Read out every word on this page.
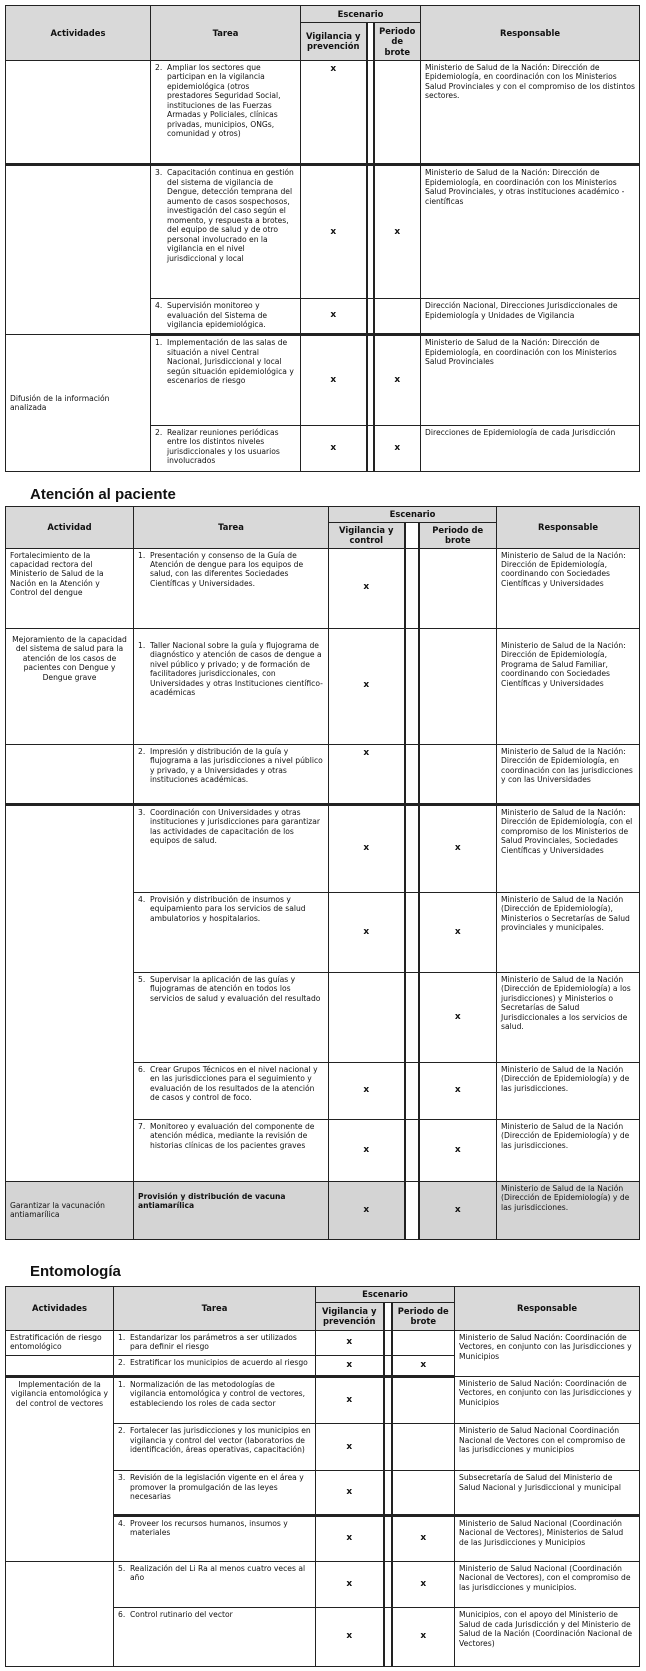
Actividades	Tarea	Escenario			Responsable
		Vigilancia y prevención		Periodo de brote	

	2. Ampliar los sectores que participan en la vigilancia epidemiológica (otros prestadores Seguridad Social, instituciones de las Fuerzas Armadas y Policiales, clínicas privadas, municipios, ONGs, comunidad y otros)	x			Ministerio de Salud de la Nación: Dirección de Epidemiología, en coordinación con los Ministerios Salud Provinciales y con el compromiso de los distintos sectores.

	3. Capacitación continua en gestión del sistema de vigilancia de Dengue, detección temprana del aumento de casos sospechosos, investigación del caso según el momento, y respuesta a brotes, del equipo de salud y de otro personal involucrado en la vigilancia en el nivel jurisdiccional y local	x		x	Ministerio de Salud de la Nación: Dirección de Epidemiología, en coordinación con los Ministerios Salud Provinciales, y otras instituciones académico -científicas

	4. Supervisión monitoreo y evaluación del Sistema de vigilancia epidemiológica.	x			Dirección Nacional, Direcciones Jurisdiccionales de Epidemiología y Unidades de Vigilancia
Difusión de la información analizada	1. Implementación de las salas de situación a nivel Central Nacional, Jurisdiccional y local según situación epidemiológica y escenarios de riesgo	x		x	Ministerio de Salud de la Nación: Dirección de Epidemiología, en coordinación con los Ministerios Salud Provinciales

	2. Realizar reuniones periódicas entre los distintos niveles jurisdiccionales y los usuarios involucrados	x		x	Direcciones de Epidemiología de cada Jurisdicción
Atención al paciente
Actividad	Tarea	Escenario			Responsable
		Vigilancia y control		Periodo de brote	
Fortalecimiento de la capacidad rectora del Ministerio de Salud de la Nación en la Atención y Control del dengue	1. Presentación y consenso de la Guía de Atención de dengue para los equipos de salud, con las diferentes Sociedades Científicas y Universidades.	x			Ministerio de Salud de la Nación: Dirección de Epidemiología, coordinando con Sociedades Científicas y Universidades
Mejoramiento de la capacidad del sistema de salud para la atención de los casos de pacientes con Dengue y Dengue grave	1. Taller Nacional sobre la guía y flujograma de diagnóstico y atención de casos de dengue a nivel público y privado; y de formación de facilitadores jurisdiccionales, con Universidades y otras Instituciones científico- académicas	x			Ministerio de Salud de la Nación: Dirección de Epidemiología, Programa de Salud Familiar, coordinando con Sociedades Científicas y Universidades

	2. Impresión y distribución de la guía y flujograma a las jurisdicciones a nivel público y privado, y a Universidades y otras instituciones académicas.	x			Ministerio de Salud de la Nación: Dirección de Epidemiología, en coordinación con las jurisdicciones y con las Universidades

	3. Coordinación con Universidades y otras instituciones y jurisdicciones para garantizar las actividades de capacitación de los equipos de salud.	x		x	Ministerio de Salud de la Nación: Dirección de Epidemiología, con el compromiso de los Ministerios de Salud Provinciales, Sociedades Científicas y Universidades

	4. Provisión y distribución de insumos y equipamiento para los servicios de salud ambulatorios y hospitalarios.	x		x	Ministerio de Salud de la Nación (Dirección de Epidemiología), Ministerios o Secretarías de Salud provinciales y municipales.

	5. Supervisar la aplicación de las guías y flujogramas de atención en todos los servicios de salud y evaluación del resultado			x	Ministerio de Salud de la Nación (Dirección de Epidemiología) a los jurisdicciones) y Ministerios o Secretarías de Salud Jurisdiccionales a los servicios de salud.

	6. Crear Grupos Técnicos en el nivel nacional y en las jurisdicciones para el seguimiento y evaluación de los resultados de la atención de casos y control de foco.	x		x	Ministerio de Salud de la Nación (Dirección de Epidemiología) y de las jurisdicciones.

	7. Monitoreo y evaluación del componente de atención médica, mediante la revisión de historias clínicas de los pacientes graves	x		x	Ministerio de Salud de la Nación (Dirección de Epidemiología) y de las jurisdicciones.
Garantizar la vacunación antiamarílica	Provisión y distribución de vacuna antiamarílica	x		x	Ministerio de Salud de la Nación (Dirección de Epidemiología) y de las jurisdicciones.
Entomología
Actividades	Tarea	Escenario			Responsable
		Vigilancia y prevención		Periodo de brote	
Estratificación de riesgo entomológico	1. Estandarizar los parámetros a ser utilizados para definir el riesgo	x			Ministerio de Salud Nación: Coordinación de Vectores, en conjunto con las Jurisdicciones y Municipios

	2. Estratificar los municipios de acuerdo al riesgo	x		x	
Implementación de la vigilancia entomológica y del control de vectores	1. Normalización de las metodologías de vigilancia entomológica y control de vectores, estableciendo los roles de cada sector	x			Ministerio de Salud Nación: Coordinación de Vectores, en conjunto con las Jurisdicciones y Municipios

	2. Fortalecer las jurisdicciones y los municipios en vigilancia y control del vector (laboratorios de identificación, áreas operativas, capacitación)	x			Ministerio de Salud Nacional Coordinación Nacional de Vectores con el compromiso de las jurisdicciones y municipios

	3. Revisión de la legislación vigente en el área y promover la promulgación de las leyes necesarias	x			Subsecretaría de Salud del Ministerio de Salud Nacional y Jurisdiccional y municipal

	4. Proveer los recursos humanos, insumos y materiales	x		x	Ministerio de Salud Nacional (Coordinación Nacional de Vectores), Ministerios de Salud de las Jurisdicciones y Municipios

	5. Realización del Li Ra al menos cuatro veces al año	x		x	Ministerio de Salud Nacional (Coordinación Nacional de Vectores), con el compromiso de las jurisdicciones y municipios.

	6. Control rutinario del vector	x		x	Municipios, con el apoyo del Ministerio de Salud de cada Jurisdicción y del Ministerio de Salud de la Nación (Coordinación Nacional de Vectores)
